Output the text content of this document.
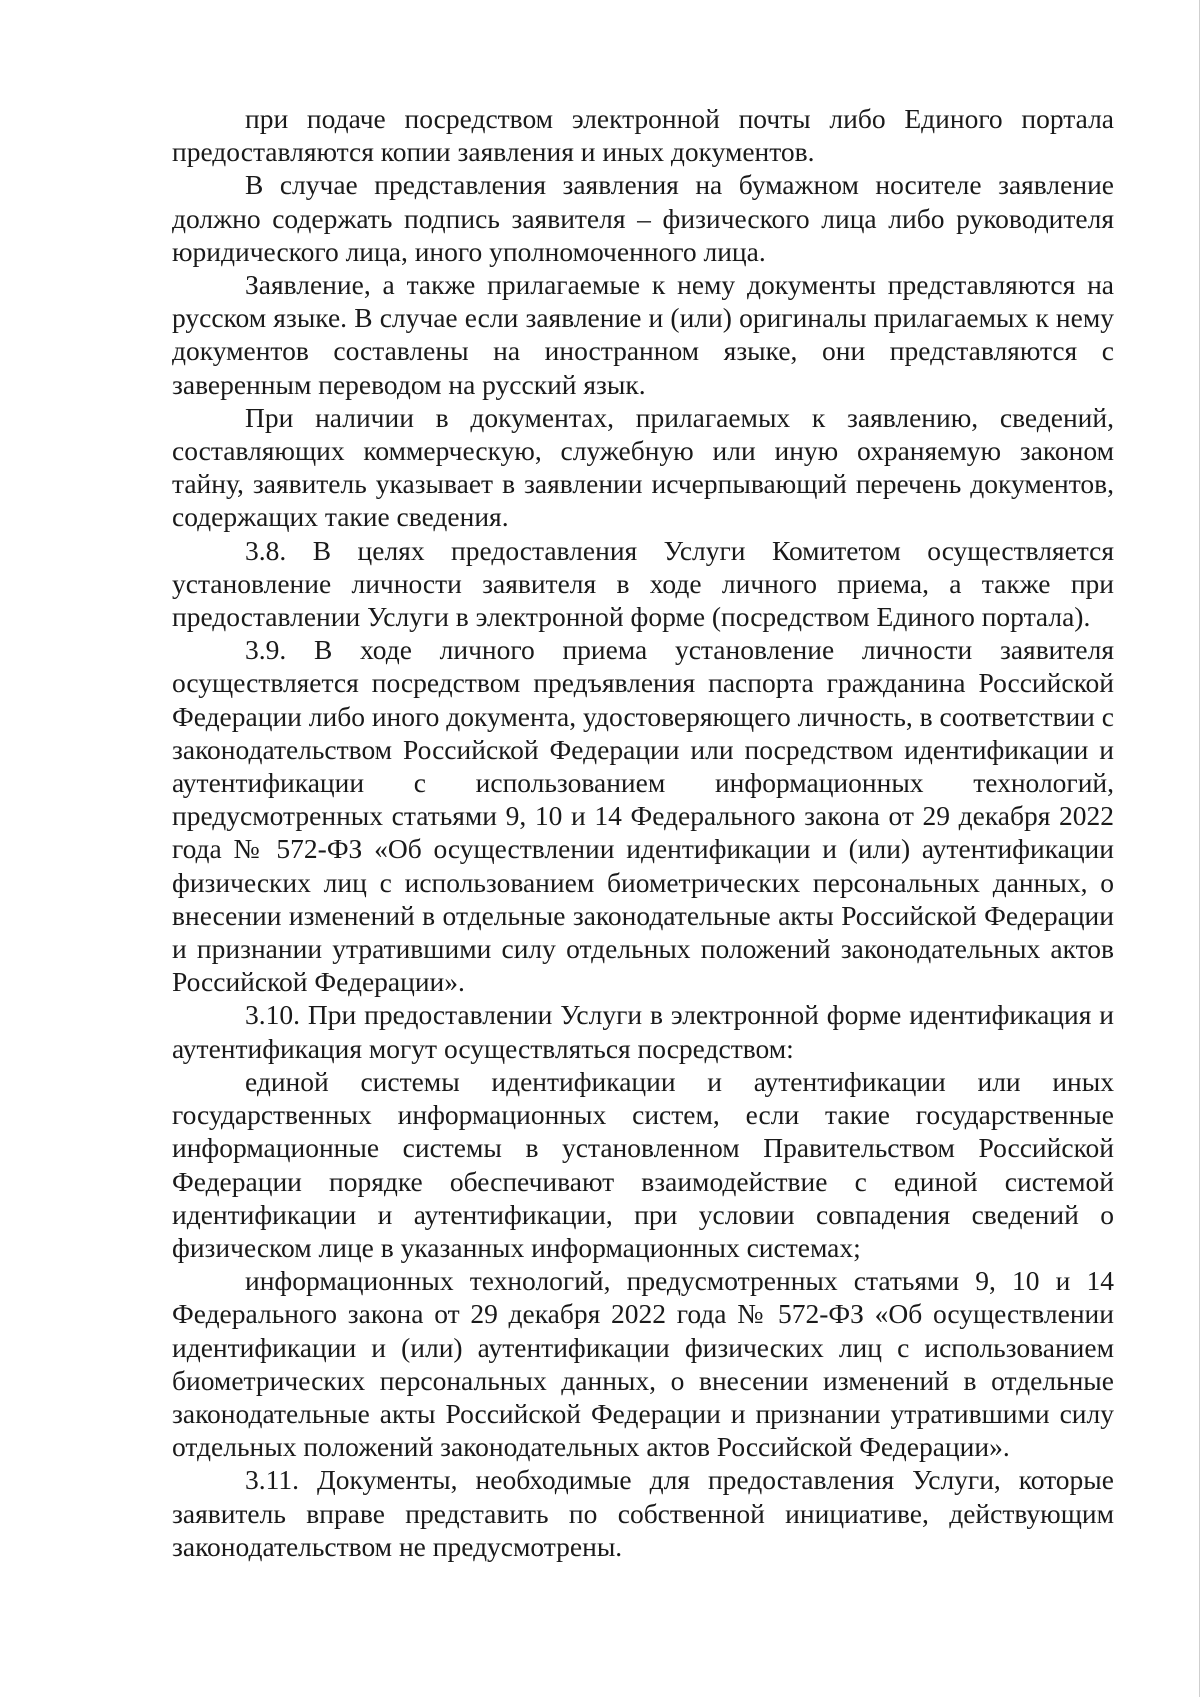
при подаче посредством электронной почты либо Единого портала предоставляются копии заявления и иных документов.

В случае представления заявления на бумажном носителе заявление должно содержать подпись заявителя – физического лица либо руководителя юридического лица, иного уполномоченного лица.

Заявление, а также прилагаемые к нему документы представляются на русском языке. В случае если заявление и (или) оригиналы прилагаемых к нему документов составлены на иностранном языке, они представляются с заверенным переводом на русский язык.

При наличии в документах, прилагаемых к заявлению, сведений, составляющих коммерческую, служебную или иную охраняемую законом тайну, заявитель указывает в заявлении исчерпывающий перечень документов, содержащих такие сведения.

3.8. В целях предоставления Услуги Комитетом осуществляется установление личности заявителя в ходе личного приема, а также при предоставлении Услуги в электронной форме (посредством Единого портала).

3.9. В ходе личного приема установление личности заявителя осуществляется посредством предъявления паспорта гражданина Российской Федерации либо иного документа, удостоверяющего личность, в соответствии с законодательством Российской Федерации или посредством идентификации и аутентификации с использованием информационных технологий, предусмотренных статьями 9, 10 и 14 Федерального закона от 29 декабря 2022 года № 572-ФЗ «Об осуществлении идентификации и (или) аутентификации физических лиц с использованием биометрических персональных данных, о внесении изменений в отдельные законодательные акты Российской Федерации и признании утратившими силу отдельных положений законодательных актов Российской Федерации».

3.10. При предоставлении Услуги в электронной форме идентификация и аутентификация могут осуществляться посредством:

единой системы идентификации и аутентификации или иных государственных информационных систем, если такие государственные информационные системы в установленном Правительством Российской Федерации порядке обеспечивают взаимодействие с единой системой идентификации и аутентификации, при условии совпадения сведений о физическом лице в указанных информационных системах;

информационных технологий, предусмотренных статьями 9, 10 и 14 Федерального закона от 29 декабря 2022 года № 572-ФЗ «Об осуществлении идентификации и (или) аутентификации физических лиц с использованием биометрических персональных данных, о внесении изменений в отдельные законодательные акты Российской Федерации и признании утратившими силу отдельных положений законодательных актов Российской Федерации».

3.11. Документы, необходимые для предоставления Услуги, которые заявитель вправе представить по собственной инициативе, действующим законодательством не предусмотрены.
